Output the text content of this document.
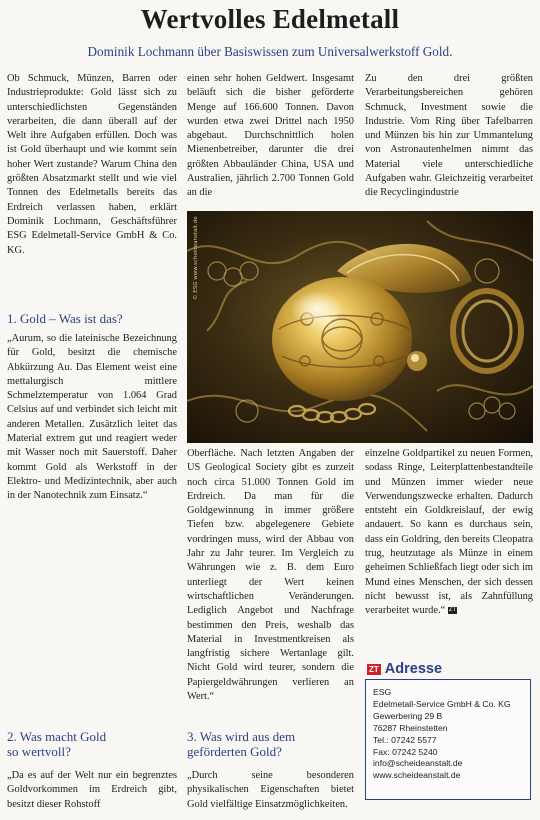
Wertvolles Edelmetall
Dominik Lochmann über Basiswissen zum Universalwerkstoff Gold.

Ob Schmuck, Münzen, Barren oder Industrieprodukte: Gold lässt sich zu unterschiedlichsten Gegenständen verarbeiten, die dann überall auf der Welt ihre Aufgaben erfüllen. Doch was ist Gold überhaupt und wie kommt sein hoher Wert zustande? Warum China den größten Absatzmarkt stellt und wie viel Tonnen des Edelmetalls bereits das Erdreich verlassen haben, erklärt Dominik Lochmann, Geschäftsführer ESG Edelmetall-Service GmbH & Co. KG.

1. Gold – Was ist das?

„Aurum, so die lateinische Bezeichnung für Gold, besitzt die chemische Abkürzung Au. Das Element weist eine mettalurgisch mittlere Schmelztemperatur von 1.064 Grad Celsius auf und verbindet sich leicht mit anderen Metallen. Zusätzlich leitet das Material extrem gut und reagiert weder mit Wasser noch mit Sauerstoff. Daher kommt Gold als Werkstoff in der Elektro- und Medizintechnik, aber auch in der Nanotechnik zum Einsatz.“

2. Was macht Gold
so wertvoll?

„Da es auf der Welt nur ein begrenztes Goldvorkommen im Erdreich gibt, besitzt dieser Rohstoff

einen sehr hohen Geldwert. Insgesamt beläuft sich die bisher geförderte Menge auf 166.600 Tonnen. Davon wurden etwa zwei Drittel nach 1950 abgebaut. Durchschnittlich holen Mienenbetreiber, darunter die drei größten Abbauländer China, USA und Australien, jährlich 2.700 Tonnen Gold an die

Oberfläche. Nach letzten Angaben der US Geological Society gibt es zurzeit noch circa 51.000 Tonnen Gold im Erdreich. Da man für die Goldgewinnung in immer größere Tiefen bzw. abgelegenere Gebiete vordringen muss, wird der Abbau von Jahr zu Jahr teurer. Im Vergleich zu Währungen wie z. B. dem Euro unterliegt der Wert keinen wirtschaftlichen Veränderungen. Lediglich Angebot und Nachfrage bestimmen den Preis, weshalb das Material in Investmentkreisen als langfristig sichere Wertanlage gilt. Nicht Gold wird teurer, sondern die Papiergeldwährungen verlieren an Wert.“

3. Was wird aus dem
geförderten Gold?

„Durch seine besonderen physikalischen Eigenschaften bietet Gold vielfältige Einsatzmöglichkeiten.

Zu den drei größten Verarbeitungsbereichen gehören Schmuck, Investment sowie die Industrie. Vom Ring über Tafelbarren und Münzen bis hin zur Ummantelung von Astronautenhelmen nimmt das Material viele unterschiedliche Aufgaben wahr. Gleichzeitig verarbeitet die Recyclingindustrie

einzelne Goldpartikel zu neuen Formen, sodass Ringe, Leiterplattenbestandteile und Münzen immer wieder neue Verwendungszwecke erhalten. Dadurch entsteht ein Goldkreislauf, der ewig andauert. So kann es durchaus sein, dass ein Goldring, den bereits Cleopatra trug, heutzutage als Münze in einem geheimen Schließfach liegt oder sich im Mund eines Menschen, der sich dessen nicht bewusst ist, als Zahnfüllung verarbeitet wurde.“ ZT

© ESG www.scheideanstalt.de
ZT Adresse
ESG
Edelmetall-Service GmbH & Co. KG
Gewerbering 29 B
76287 Rheinstetten
Tel.: 07242 5577
Fax: 07242 5240
info@scheideanstalt.de
www.scheideanstalt.de
